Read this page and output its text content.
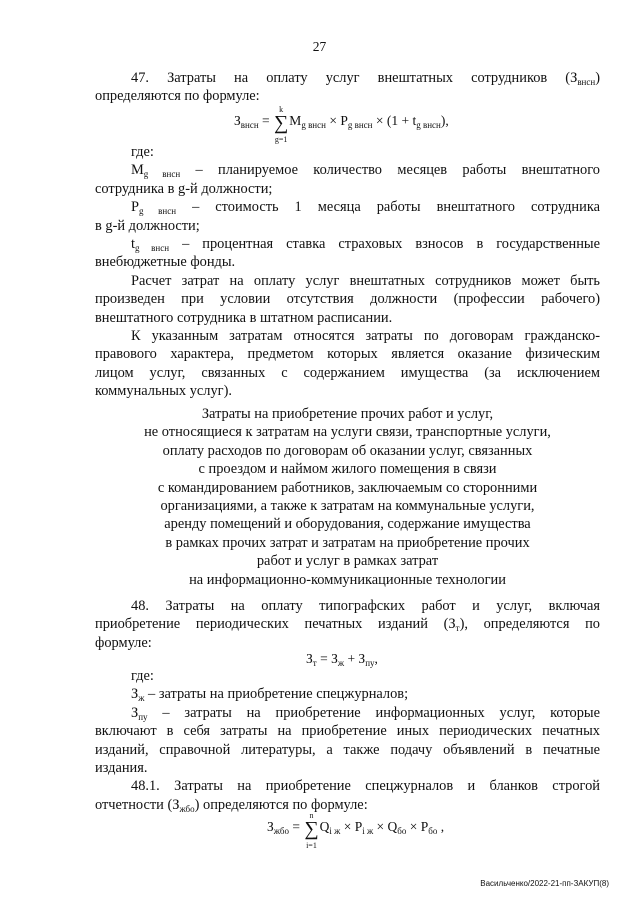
27
47. Затраты на оплату услуг внештатных сотрудников $(З_{внсн})$
определяются по формуле:
$З_{внсн}$ =
k
∑
g=1
$M_{g внсн} \times P_{g внсн} \times (1 + t_{g внсн})$,
где:
$M_{g внсн}$ – планируемое количество месяцев работы внештатного
сотрудника в g-й должности;
$P_{g внсн}$ – стоимость 1 месяца работы внештатного сотрудника
в g-й должности;
$t_{g внсн}$ – процентная ставка страховых взносов в государственные
внебюджетные фонды.
Расчет затрат на оплату услуг внештатных сотрудников может быть
произведен при условии отсутствия должности (профессии рабочего)
внештатного сотрудника в штатном расписании.
К указанным затратам относятся затраты по договорам гражданско-
правового характера, предметом которых является оказание физическим
лицом услуг, связанных с содержанием имущества (за исключением
коммунальных услуг).
Затраты на приобретение прочих работ и услуг,
не относящиеся к затратам на услуги связи, транспортные услуги,
оплату расходов по договорам об оказании услуг, связанных
с проездом и наймом жилого помещения в связи
с командированием работников, заключаемым со сторонними
организациями, а также к затратам на коммунальные услуги,
аренду помещений и оборудования, содержание имущества
в рамках прочих затрат и затратам на приобретение прочих
работ и услуг в рамках затрат
на информационно-коммуникационные технологии
48. Затраты на оплату типографских работ и услуг, включая
приобретение периодических печатных изданий $(З_т)$, определяются по
формуле:
$З_т = З_ж + З_{пу}$,
где:
$З_ж$ – затраты на приобретение спецжурналов;
$З_{пу}$ – затраты на приобретение информационных услуг, которые
включают в себя затраты на приобретение иных периодических печатных
изданий, справочной литературы, а также подачу объявлений в печатные
издания.
48.1. Затраты на приобретение спецжурналов и бланков строгой
отчетности $(З_{жбо})$ определяются по формуле:
$З_{жбо}$ =
n
∑
i=1
$Q_{i ж} \times P_{i ж} \times Q_{бо} \times P_{бо}$ ,
Васильченко/2022-21-пп-ЗАКУП(8)
